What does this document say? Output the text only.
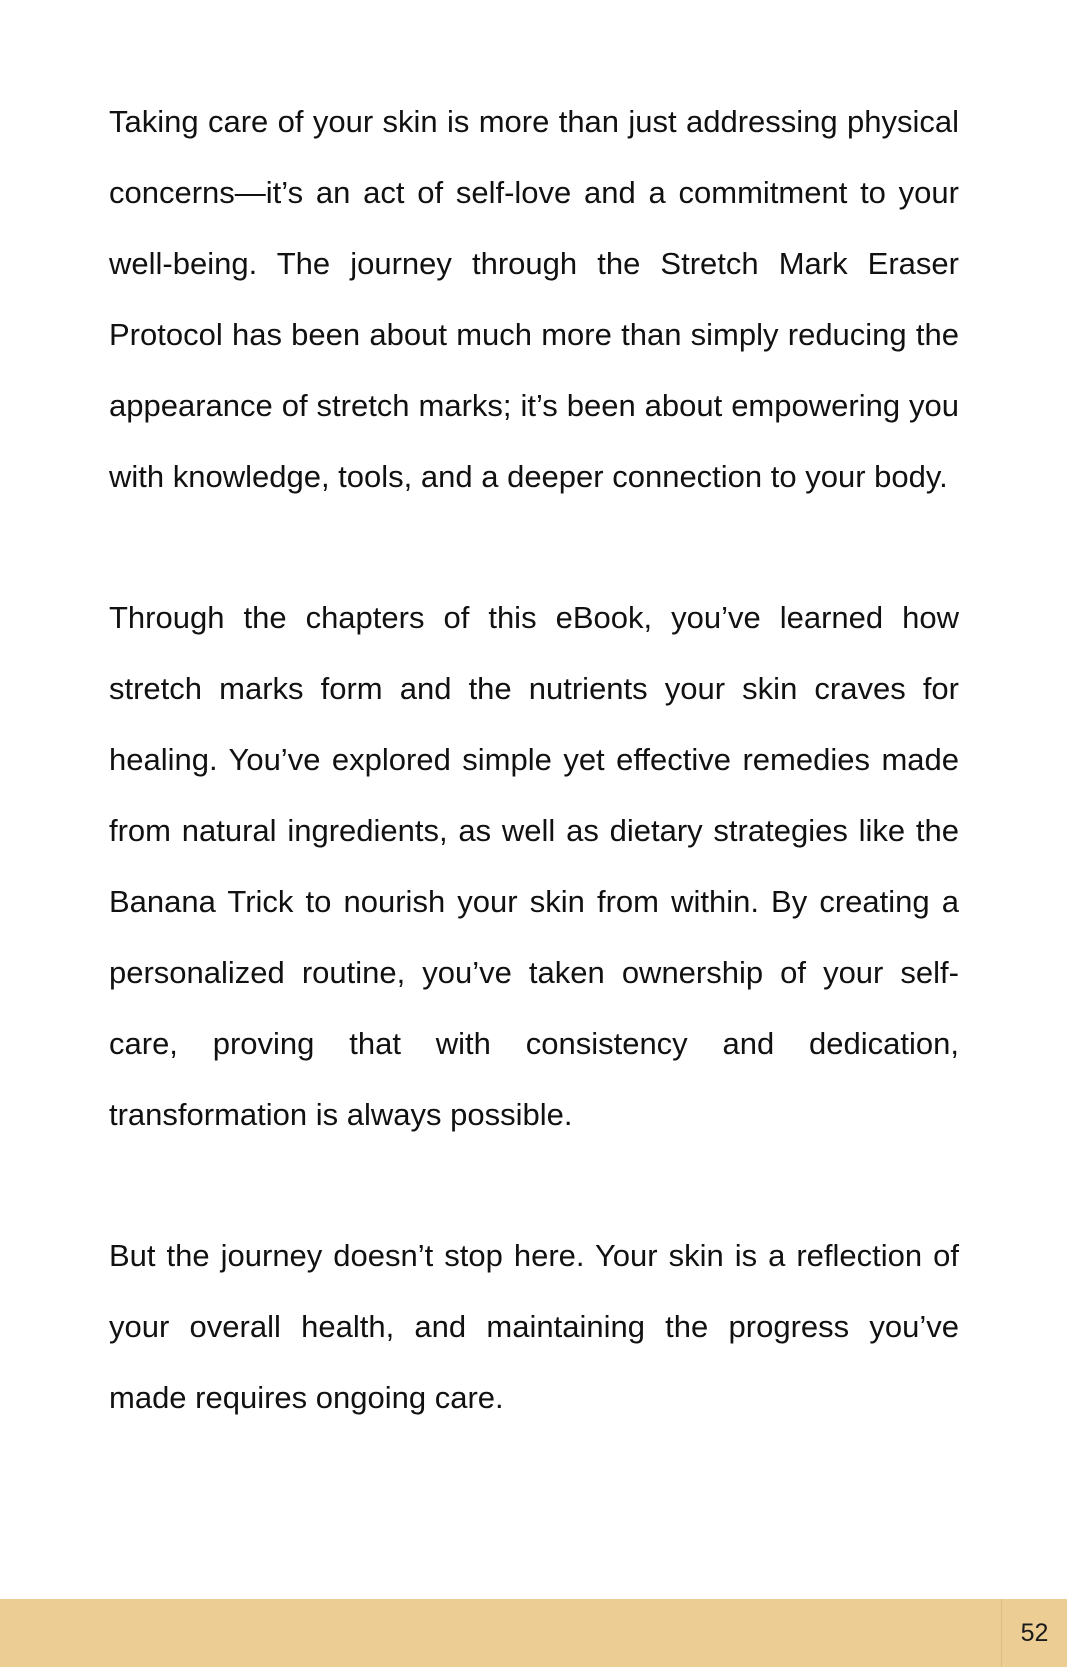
Taking care of your skin is more than just addressing physical concerns—it’s an act of self-love and a commitment to your well-being. The journey through the Stretch Mark Eraser Protocol has been about much more than simply reducing the appearance of stretch marks; it’s been about empowering you with knowledge, tools, and a deeper connection to your body.

Through the chapters of this eBook, you’ve learned how stretch marks form and the nutrients your skin craves for healing. You’ve explored simple yet effective remedies made from natural ingredients, as well as dietary strategies like the Banana Trick to nourish your skin from within. By creating a personalized routine, you’ve taken ownership of your self-care, proving that with consistency and dedication, transformation is always possible.

But the journey doesn’t stop here. Your skin is a reflection of your overall health, and maintaining the progress you’ve made requires ongoing care.

52
